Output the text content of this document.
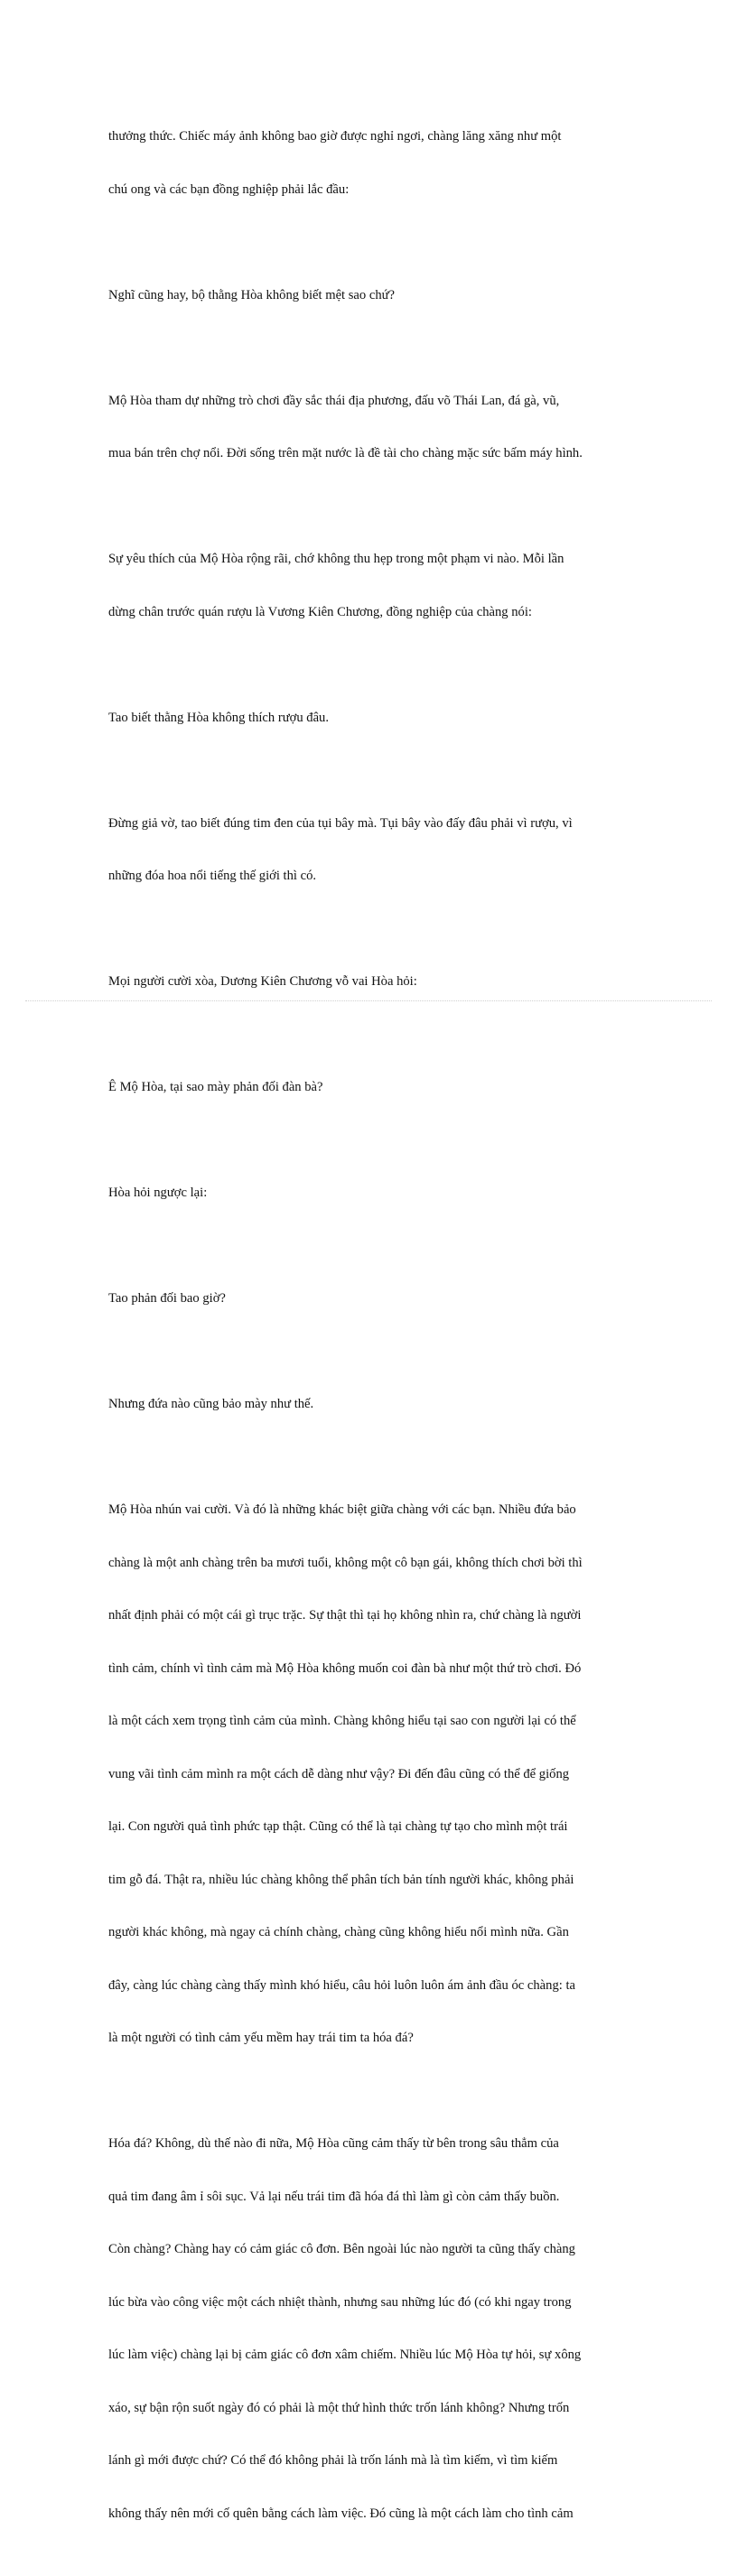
thưởng thức. Chiếc máy ảnh không bao giờ được nghỉ ngơi, chàng lăng xăng như một

chú ong và các bạn đồng nghiệp phải lắc đầu:

Nghĩ cũng hay, bộ thằng Hòa không biết mệt sao chứ?

Mộ Hòa tham dự những trò chơi đầy sắc thái địa phương, đấu võ Thái Lan, đá gà, vũ,

mua bán trên chợ nổi. Đời sống trên mặt nước là đề tài cho chàng mặc sức bấm máy hình.

Sự yêu thích của Mộ Hòa rộng rãi, chớ không thu hẹp trong một phạm vi nào. Mỗi lần

dừng chân trước quán rượu là Vương Kiên Chương, đồng nghiệp của chàng nói:

Tao biết thằng Hòa không thích rượu đâu.

Đừng giả vờ, tao biết đúng tim đen của tụi bây mà. Tụi bây vào đấy đâu phải vì rượu, vì

những đóa hoa nổi tiếng thế giới thì có.

Mọi người cười xòa, Dương Kiên Chương vỗ vai Hòa hỏi:

Ê Mộ Hòa, tại sao mày phản đối đàn bà?

Hòa hỏi ngược lại:

Tao phản đối bao giờ?

Nhưng đứa nào cũng bảo mày như thế.

Mộ Hòa nhún vai cười. Và đó là những khác biệt giữa chàng với các bạn. Nhiều đứa bảo

chàng là một anh chàng trên ba mươi tuổi, không một cô bạn gái, không thích chơi bời thì

nhất định phải có một cái gì trục trặc. Sự thật thì tại họ không nhìn ra, chứ chàng là người

tình cảm, chính vì tình cảm mà Mộ Hòa không muốn coi đàn bà như một thứ trò chơi. Đó

là một cách xem trọng tình cảm của mình. Chàng không hiểu tại sao con người lại có thể

vung vãi tình cảm mình ra một cách dễ dàng như vậy? Đi đến đâu cũng có thể để giống

lại. Con người quả tình phức tạp thật. Cũng có thể là tại chàng tự tạo cho mình một trái

tim gỗ đá. Thật ra, nhiều lúc chàng không thể phân tích bản tính người khác, không phải

người khác không, mà ngay cả chính chàng, chàng cũng không hiểu nổi mình nữa. Gần

đây, càng lúc chàng càng thấy mình khó hiểu, câu hỏi luôn luôn ám ảnh đầu óc chàng: ta

là một người có tình cảm yếu mềm hay trái tim ta hóa đá?

Hóa đá? Không, dù thế nào đi nữa, Mộ Hòa cũng cảm thấy từ bên trong sâu thẳm của

quả tim đang âm ỉ sôi sục. Vả lại nếu trái tim đã hóa đá thì làm gì còn cảm thấy buồn.

Còn chàng? Chàng hay có cảm giác cô đơn. Bên ngoài lúc nào người ta cũng thấy chàng

lúc bừa vào công việc một cách nhiệt thành, nhưng sau những lúc đó (có khi ngay trong

lúc làm việc) chàng lại bị cảm giác cô đơn xâm chiếm. Nhiều lúc Mộ Hòa tự hỏi, sự xông

xáo, sự bận rộn suốt ngày đó có phải là một thứ hình thức trốn lánh không? Nhưng trốn

lánh gì mới được chứ? Có thể đó không phải là trốn lánh mà là tìm kiếm, vì tìm kiếm

không thấy nên mới cố quên bằng cách làm việc. Đó cũng là một cách làm cho tình cảm
